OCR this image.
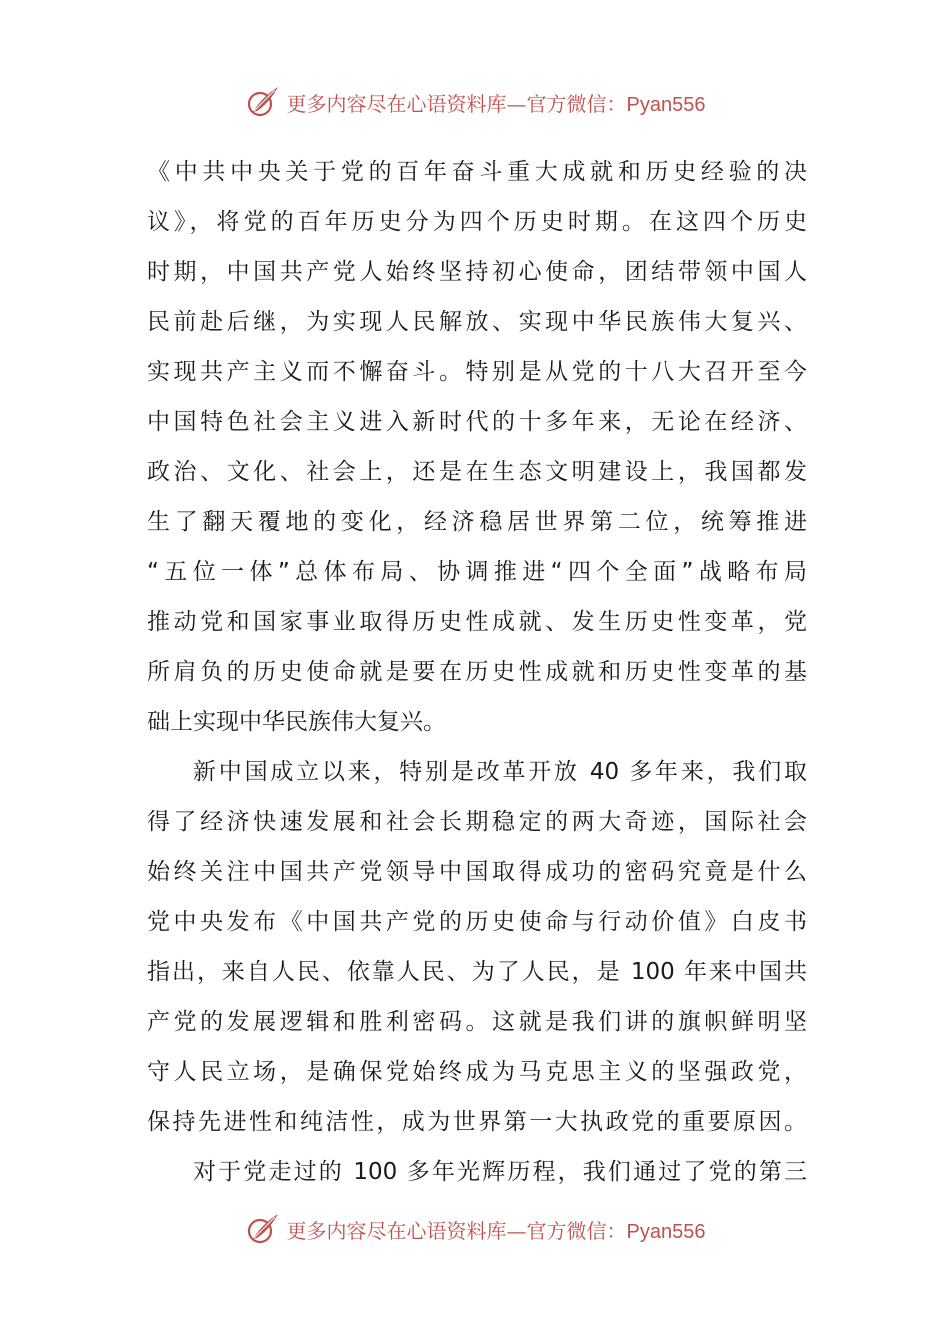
更多内容尽在心语资料库—官方微信：Pyan556
《中共中央关于党的百年奋斗重大成就和历史经验的决
议》，将党的百年历史分为四个历史时期。在这四个历史
时期，中国共产党人始终坚持初心使命，团结带领中国人
民前赴后继，为实现人民解放、实现中华民族伟大复兴、
实现共产主义而不懈奋斗。特别是从党的十八大召开至今
中国特色社会主义进入新时代的十多年来，无论在经济、
政治、文化、社会上，还是在生态文明建设上，我国都发
生了翻天覆地的变化，经济稳居世界第二位，统筹推进
“五位一体”总体布局、协调推进“四个全面”战略布局
推动党和国家事业取得历史性成就、发生历史性变革，党
所肩负的历史使命就是要在历史性成就和历史性变革的基
础上实现中华民族伟大复兴。
新中国成立以来，特别是改革开放 40 多年来，我们取
得了经济快速发展和社会长期稳定的两大奇迹，国际社会
始终关注中国共产党领导中国取得成功的密码究竟是什么
党中央发布《中国共产党的历史使命与行动价值》白皮书
指出，来自人民、依靠人民、为了人民，是 100 年来中国共
产党的发展逻辑和胜利密码。这就是我们讲的旗帜鲜明坚
守人民立场，是确保党始终成为马克思主义的坚强政党，
保持先进性和纯洁性，成为世界第一大执政党的重要原因。
对于党走过的 100 多年光辉历程，我们通过了党的第三
更多内容尽在心语资料库—官方微信：Pyan556
